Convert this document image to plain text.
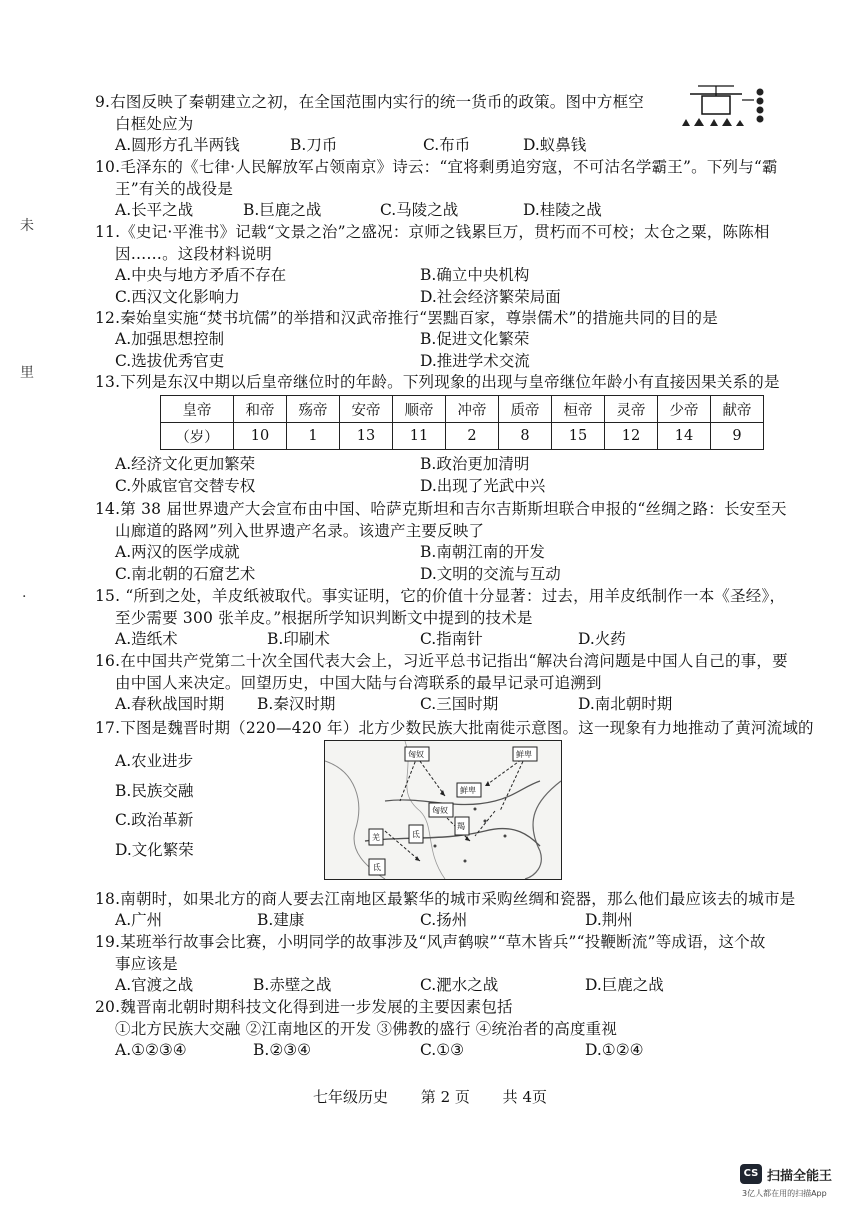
未
里
.
9.右图反映了秦朝建立之初，在全国范围内实行的统一货币的政策。图中方框空
白框处应为
A.圆形方孔半两钱	B.刀币	C.布币	D.蚁鼻钱
10.毛泽东的《七律·人民解放军占领南京》诗云：“宜将剩勇追穷寇，不可沽名学霸王”。下列与“霸
王”有关的战役是
A.长平之战	B.巨鹿之战	C.马陵之战	D.桂陵之战
11.《史记·平淮书》记载“文景之治”之盛况：京师之钱累巨万，贯朽而不可校；太仓之粟，陈陈相
因……。这段材料说明
A.中央与地方矛盾不存在	B.确立中央机构
C.西汉文化影响力	D.社会经济繁荣局面
12.秦始皇实施“焚书坑儒”的举措和汉武帝推行“罢黜百家，尊崇儒术”的措施共同的目的是
A.加强思想控制	B.促进文化繁荣
C.选拔优秀官吏	D.推进学术交流
13.下列是东汉中期以后皇帝继位时的年龄。下列现象的出现与皇帝继位年龄小有直接因果关系的是
皇帝	和帝	殇帝	安帝	顺帝	冲帝	质帝	桓帝	灵帝	少帝	献帝
（岁）	10	1	13	11	2	8	15	12	14	9
A.经济文化更加繁荣	B.政治更加清明
C.外戚宦官交替专权	D.出现了光武中兴
14.第 38 届世界遗产大会宣布由中国、哈萨克斯坦和吉尔吉斯斯坦联合申报的“丝绸之路：长安至天
山廊道的路网”列入世界遗产名录。该遗产主要反映了
A.两汉的医学成就	B.南朝江南的开发
C.南北朝的石窟艺术	D.文明的交流与互动
15. “所到之处，羊皮纸被取代。事实证明，它的价值十分显著：过去，用羊皮纸制作一本《圣经》，
至少需要 300 张羊皮。”根据所学知识判断文中提到的技术是
A.造纸术	B.印刷术	C.指南针	D.火药
16.在中国共产党第二十次全国代表大会上，习近平总书记指出“解决台湾问题是中国人自己的事，要
由中国人来决定。回望历史，中国大陆与台湾联系的最早记录可追溯到
A.春秋战国时期 B.秦汉时期	C.三国时期	D.南北朝时期
17.下图是魏晋时期（220—420 年）北方少数民族大批南徙示意图。这一现象有力地推动了黄河流域的
A.农业进步
B.民族交融
C.政治革新
D.文化繁荣
匈奴	鲜卑
鲜卑
匈奴
羯
羌	氐
氐
18.南朝时，如果北方的商人要去江南地区最繁华的城市采购丝绸和瓷器，那么他们最应该去的城市是
A.广州	B.建康	C.扬州	D.荆州
19.某班举行故事会比赛，小明同学的故事涉及“风声鹤唳”“草木皆兵”“投鞭断流”等成语，这个故
事应该是
A.官渡之战	B.赤壁之战	C.淝水之战	D.巨鹿之战
20.魏晋南北朝时期科技文化得到进一步发展的主要因素包括
①北方民族大交融 ②江南地区的开发 ③佛教的盛行 ④统治者的高度重视
A.①②③④	B.②③④	C.①③	D.①②④
七年级历史 第 2 页 共 4页
CS 扫描全能王
3亿人都在用的扫描App
